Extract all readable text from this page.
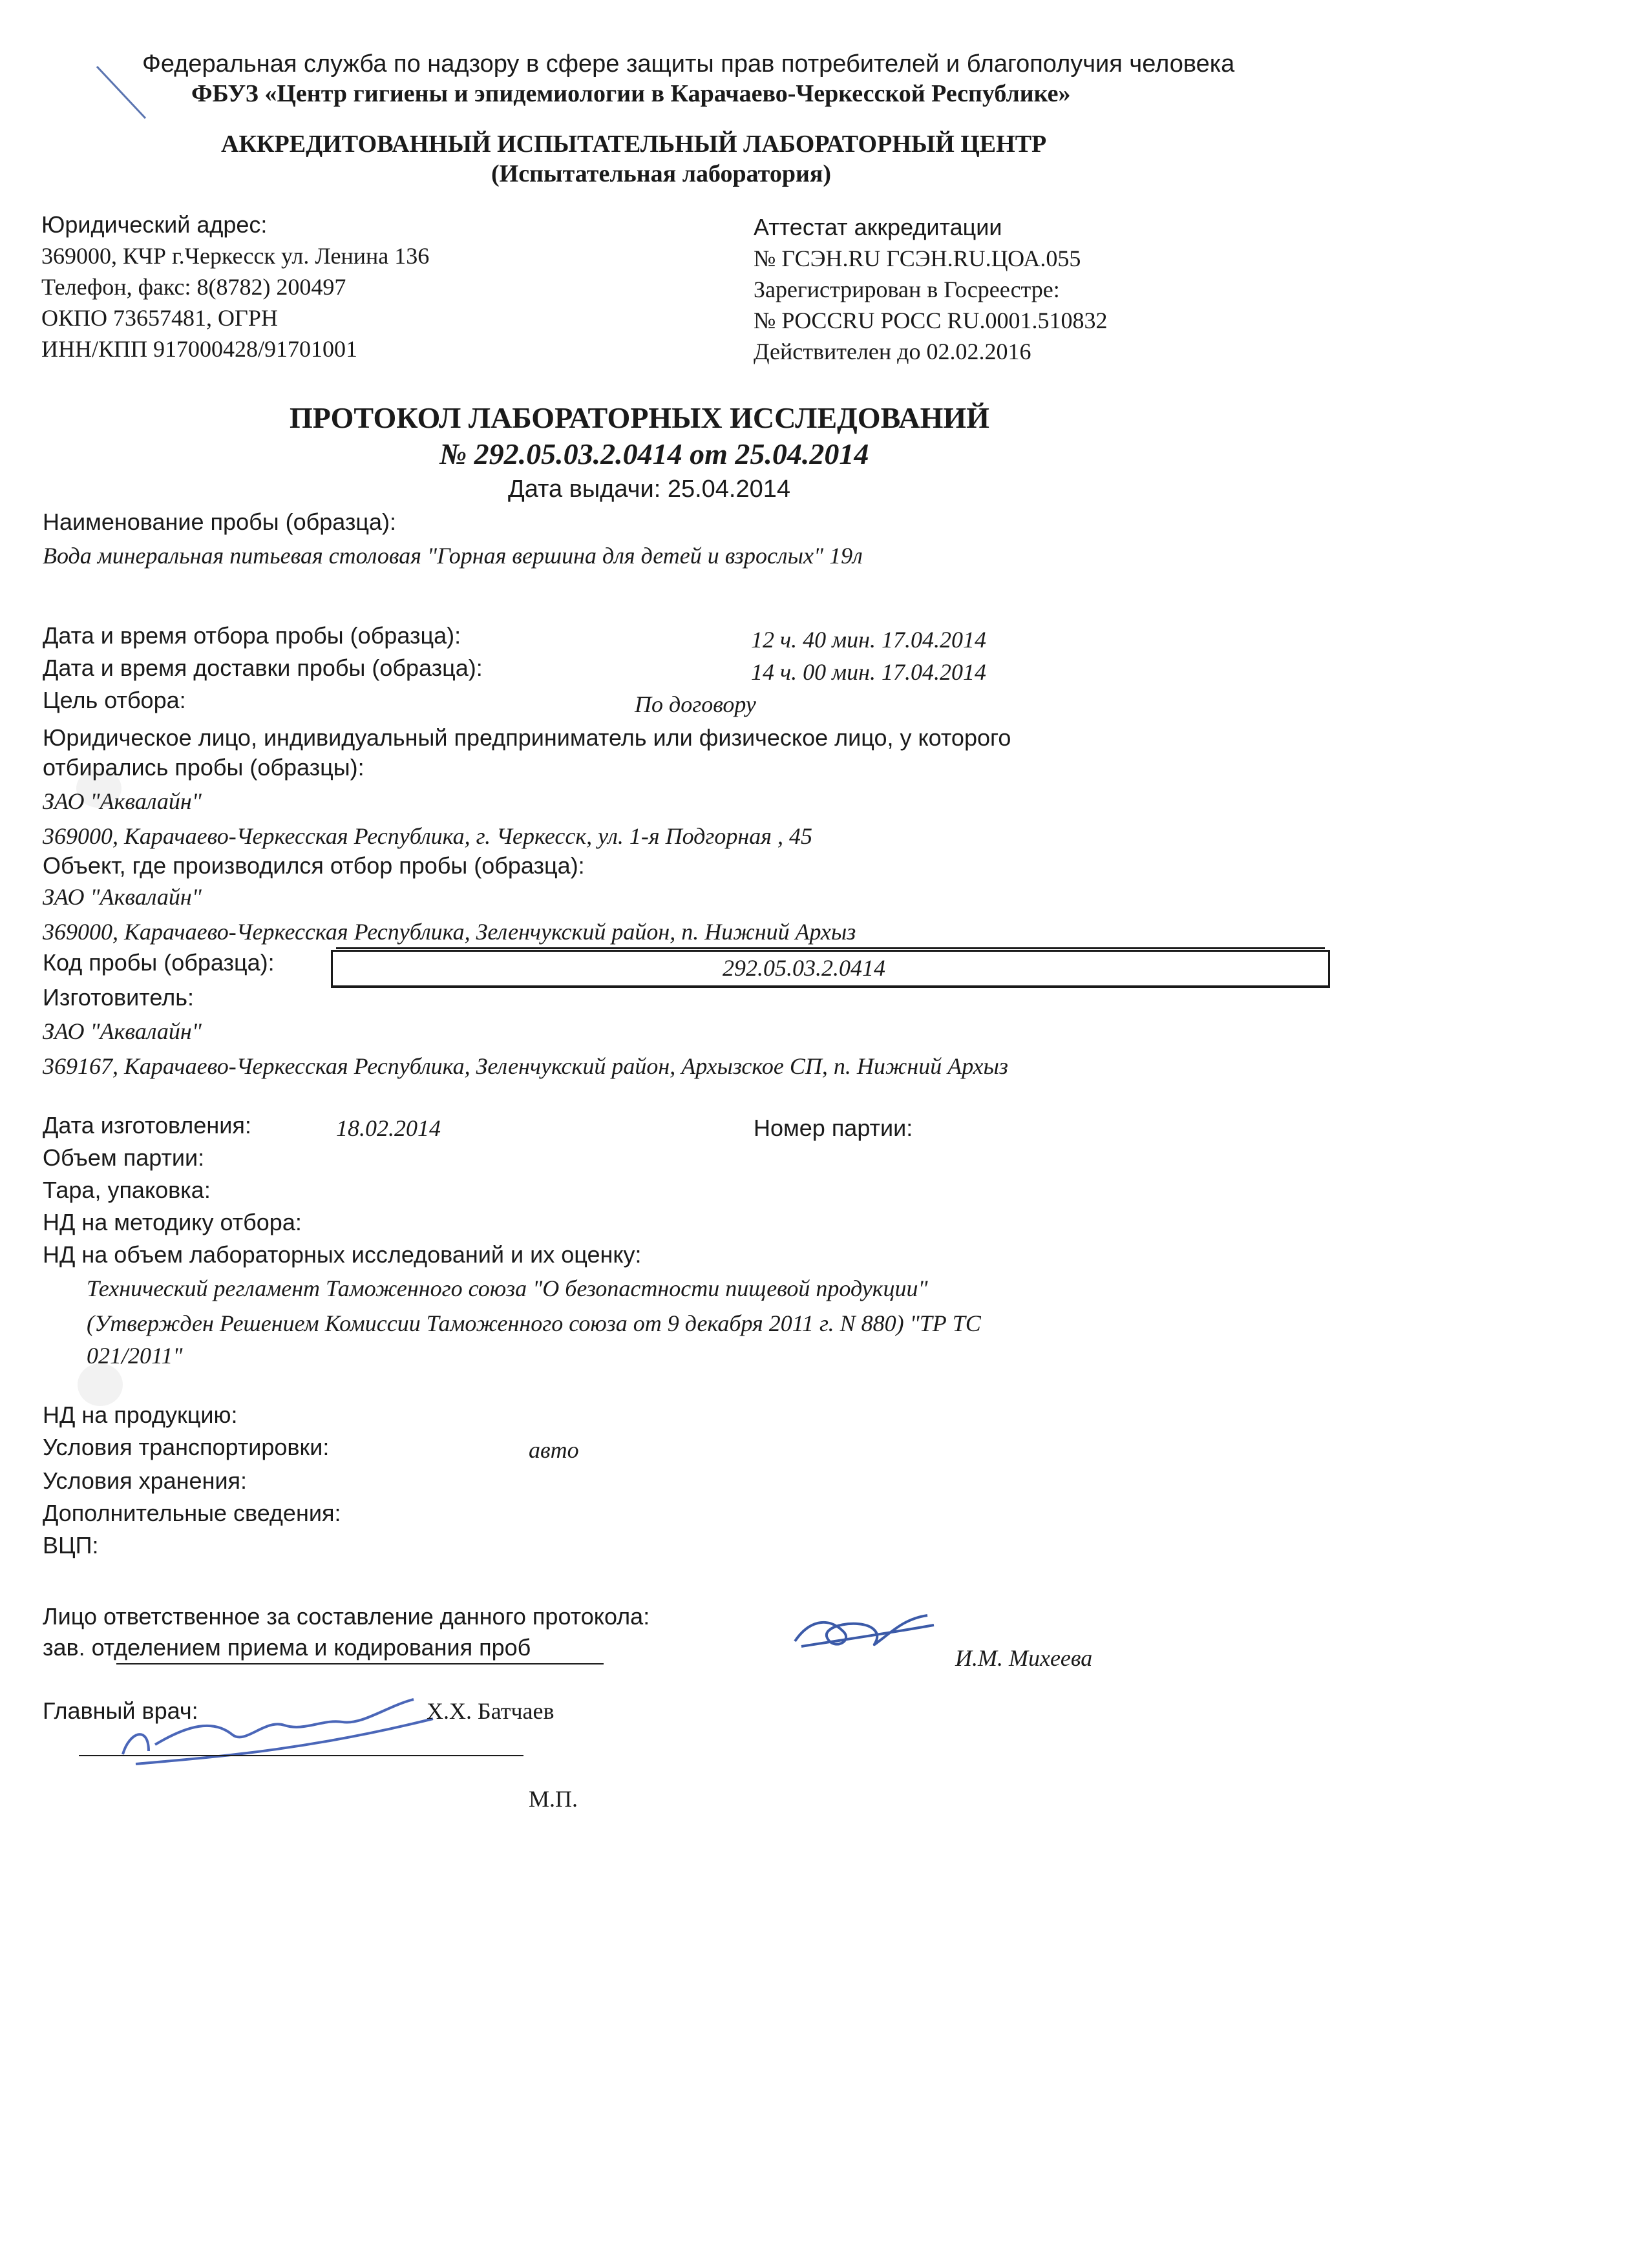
Федеральная служба по надзору в сфере защиты прав потребителей и благополучия человека
ФБУЗ «Центр гигиены и эпидемиологии в Карачаево-Черкесской Республике»
АККРЕДИТОВАННЫЙ ИСПЫТАТЕЛЬНЫЙ ЛАБОРАТОРНЫЙ ЦЕНТР
(Испытательная лаборатория)
Юридический адрес:
369000, КЧР г.Черкесск ул. Ленина 136
Телефон, факс: 8(8782) 200497
ОКПО 73657481, ОГРН
ИНН/КПП 917000428/91701001
Аттестат аккредитации
№ ГСЭН.RU ГСЭН.RU.ЦОА.055
Зарегистрирован в Госреестре:
№ POCCRU POCC RU.0001.510832
Действителен до 02.02.2016
ПРОТОКОЛ ЛАБОРАТОРНЫХ ИССЛЕДОВАНИЙ
№ 292.05.03.2.0414 от 25.04.2014
Дата выдачи: 25.04.2014
Наименование пробы (образца):
Вода минеральная питьевая столовая "Горная вершина для детей и взрослых" 19л
Дата и время отбора пробы (образца):	12 ч. 40 мин. 17.04.2014
Дата и время доставки пробы (образца):	14 ч. 00 мин. 17.04.2014
Цель отбора:	По договору
Юридическое лицо, индивидуальный предприниматель или физическое лицо, у которого
отбирались пробы (образцы):
ЗАО "Аквалайн"
369000, Карачаево-Черкесская Республика, г. Черкесск, ул. 1-я Подгорная , 45
Объект, где производился отбор пробы (образца):
ЗАО "Аквалайн"
369000, Карачаево-Черкесская Республика, Зеленчукский район, п. Нижний Архыз
Код пробы (образца):	292.05.03.2.0414
Изготовитель:
ЗАО "Аквалайн"
369167, Карачаево-Черкесская Республика, Зеленчукский район, Архызское СП, п. Нижний Архыз
Дата изготовления:	18.02.2014	Номер партии:
Объем партии:
Тара, упаковка:
НД на методику отбора:
НД на объем лабораторных исследований и их оценку:
Технический регламент Таможенного союза "О безопастности пищевой продукции"
(Утвержден Решением Комиссии Таможенного союза от 9 декабря 2011 г. N 880) "ТР ТС
021/2011"
НД на продукцию:
Условия транспортировки:	авто
Условия хранения:
Дополнительные сведения:
ВЦП:
Лицо ответственное за составление данного протокола:
зав. отделением приема и кодирования проб	И.М. Михеева
Главный врач:	Х.Х. Батчаев
М.П.
